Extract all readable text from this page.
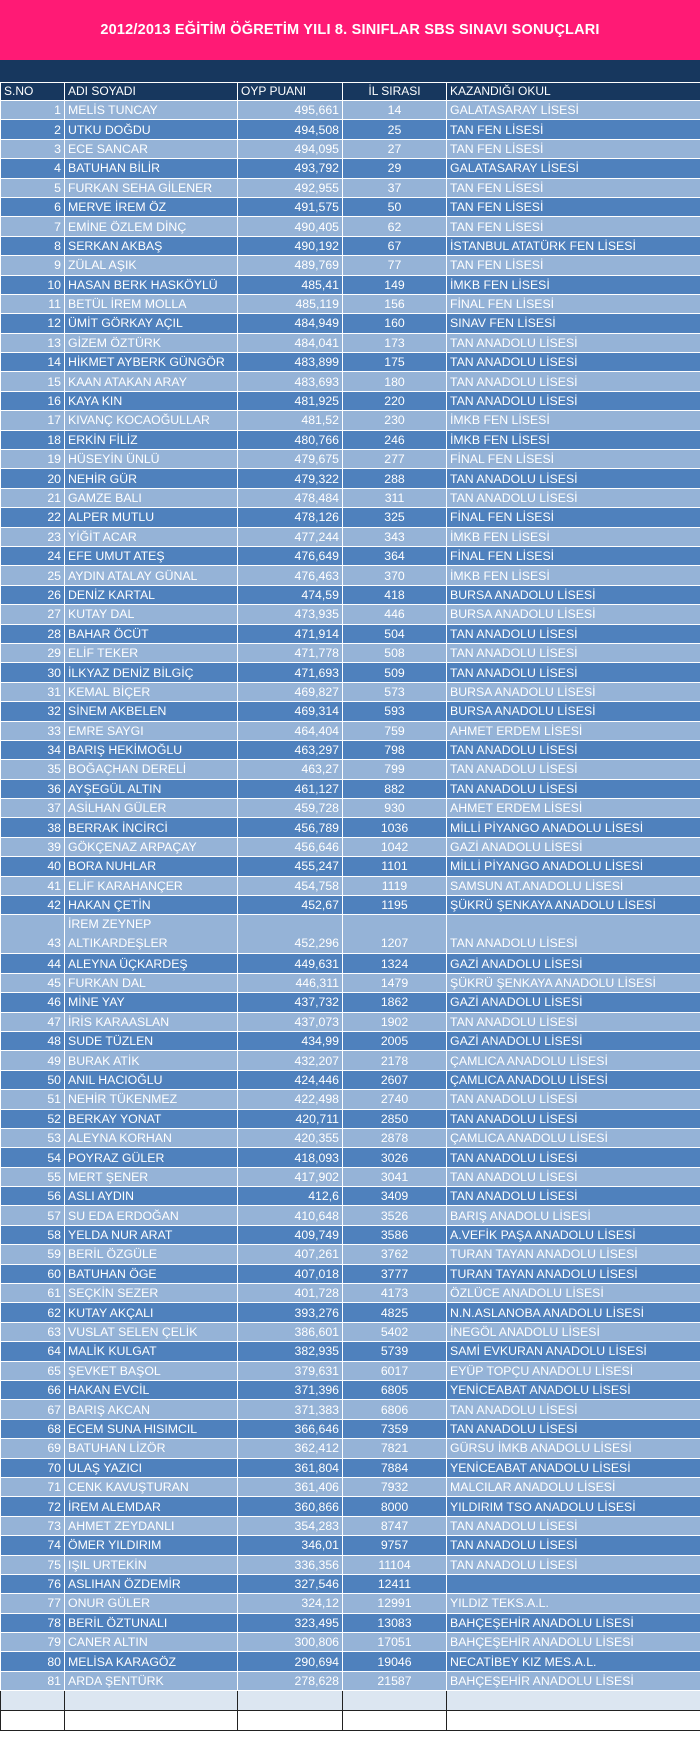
2012/2013 EĞİTİM ÖĞRETİM YILI 8. SINIFLAR SBS SINAVI SONUÇLARI
S.NO	ADI SOYADI	OYP PUANI	İL SIRASI	KAZANDIĞI OKUL
1	MELİS TUNCAY	495,661	14	GALATASARAY LİSESİ
2	UTKU DOĞDU	494,508	25	TAN FEN LİSESİ
3	ECE SANCAR	494,095	27	TAN FEN LİSESİ
4	BATUHAN BİLİR	493,792	29	GALATASARAY LİSESİ
5	FURKAN SEHA GİLENER	492,955	37	TAN FEN LİSESİ
6	MERVE İREM ÖZ	491,575	50	TAN FEN LİSESİ
7	EMİNE ÖZLEM DİNÇ	490,405	62	TAN FEN LİSESİ
8	SERKAN AKBAŞ	490,192	67	İSTANBUL ATATÜRK FEN LİSESİ
9	ZÜLAL AŞIK	489,769	77	TAN FEN LİSESİ
10	HASAN BERK HASKÖYLÜ	485,41	149	İMKB FEN LİSESİ
11	BETÜL İREM MOLLA	485,119	156	FİNAL FEN LİSESİ
12	ÜMİT GÖRKAY AÇIL	484,949	160	SINAV FEN LİSESİ
13	GİZEM ÖZTÜRK	484,041	173	TAN ANADOLU LİSESİ
14	HİKMET AYBERK GÜNGÖR	483,899	175	TAN ANADOLU LİSESİ
15	KAAN ATAKAN ARAY	483,693	180	TAN ANADOLU LİSESİ
16	KAYA KIN	481,925	220	TAN ANADOLU LİSESİ
17	KIVANÇ KOCAOĞULLAR	481,52	230	İMKB FEN LİSESİ
18	ERKİN FİLİZ	480,766	246	İMKB FEN LİSESİ
19	HÜSEYİN ÜNLÜ	479,675	277	FİNAL FEN LİSESİ
20	NEHİR GÜR	479,322	288	TAN ANADOLU LİSESİ
21	GAMZE BALI	478,484	311	TAN ANADOLU LİSESİ
22	ALPER MUTLU	478,126	325	FİNAL FEN LİSESİ
23	YİĞİT ACAR	477,244	343	İMKB FEN LİSESİ
24	EFE UMUT ATEŞ	476,649	364	FİNAL FEN LİSESİ
25	AYDIN ATALAY GÜNAL	476,463	370	İMKB FEN LİSESİ
26	DENİZ KARTAL	474,59	418	BURSA ANADOLU LİSESİ
27	KUTAY DAL	473,935	446	BURSA ANADOLU LİSESİ
28	BAHAR ÖCÜT	471,914	504	TAN ANADOLU LİSESİ
29	ELİF TEKER	471,778	508	TAN ANADOLU LİSESİ
30	İLKYAZ DENİZ BİLGİÇ	471,693	509	TAN ANADOLU LİSESİ
31	KEMAL BİÇER	469,827	573	BURSA ANADOLU LİSESİ
32	SİNEM AKBELEN	469,314	593	BURSA ANADOLU LİSESİ
33	EMRE SAYGI	464,404	759	AHMET ERDEM LİSESİ
34	BARIŞ HEKİMOĞLU	463,297	798	TAN ANADOLU LİSESİ
35	BOĞAÇHAN DERELİ	463,27	799	TAN ANADOLU LİSESİ
36	AYŞEGÜL ALTIN	461,127	882	TAN ANADOLU LİSESİ
37	ASİLHAN GÜLER	459,728	930	AHMET ERDEM LİSESİ
38	BERRAK İNCİRCİ	456,789	1036	MİLLİ PİYANGO ANADOLU LİSESİ
39	GÖKÇENAZ ARPAÇAY	456,646	1042	GAZİ ANADOLU LİSESİ
40	BORA NUHLAR	455,247	1101	MİLLİ PİYANGO ANADOLU LİSESİ
41	ELİF KARAHANÇER	454,758	1119	SAMSUN AT.ANADOLU LİSESİ
42	HAKAN ÇETİN	452,67	1195	ŞÜKRÜ ŞENKAYA ANADOLU LİSESİ
43	İREM ZEYNEP ALTIKARDEŞLER	452,296	1207	TAN ANADOLU LİSESİ
44	ALEYNA ÜÇKARDEŞ	449,631	1324	GAZİ ANADOLU LİSESİ
45	FURKAN DAL	446,311	1479	ŞÜKRÜ ŞENKAYA ANADOLU LİSESİ
46	MİNE YAY	437,732	1862	GAZİ ANADOLU LİSESİ
47	İRİS KARAASLAN	437,073	1902	TAN ANADOLU LİSESİ
48	SUDE TÜZLEN	434,99	2005	GAZİ ANADOLU LİSESİ
49	BURAK ATİK	432,207	2178	ÇAMLICA ANADOLU LİSESİ
50	ANIL HACIOĞLU	424,446	2607	ÇAMLICA ANADOLU LİSESİ
51	NEHİR TÜKENMEZ	422,498	2740	TAN ANADOLU LİSESİ
52	BERKAY YONAT	420,711	2850	TAN ANADOLU LİSESİ
53	ALEYNA KORHAN	420,355	2878	ÇAMLICA ANADOLU LİSESİ
54	POYRAZ GÜLER	418,093	3026	TAN ANADOLU LİSESİ
55	MERT ŞENER	417,902	3041	TAN ANADOLU LİSESİ
56	ASLI AYDIN	412,6	3409	TAN ANADOLU LİSESİ
57	SU EDA ERDOĞAN	410,648	3526	BARIŞ ANADOLU LİSESİ
58	YELDA NUR ARAT	409,749	3586	A.VEFİK PAŞA ANADOLU LİSESİ
59	BERİL ÖZGÜLE	407,261	3762	TURAN TAYAN ANADOLU LİSESİ
60	BATUHAN ÖGE	407,018	3777	TURAN TAYAN ANADOLU LİSESİ
61	SEÇKİN SEZER	401,728	4173	ÖZLÜCE ANADOLU LİSESİ
62	KUTAY AKÇALI	393,276	4825	N.N.ASLANOBA ANADOLU LİSESİ
63	VUSLAT SELEN ÇELİK	386,601	5402	İNEGÖL ANADOLU LİSESİ
64	MALİK KULGAT	382,935	5739	SAMİ EVKURAN ANADOLU LİSESİ
65	ŞEVKET BAŞOL	379,631	6017	EYÜP TOPÇU ANADOLU LİSESİ
66	HAKAN EVCİL	371,396	6805	YENİCEABAT ANADOLU LİSESİ
67	BARIŞ AKCAN	371,383	6806	TAN ANADOLU LİSESİ
68	ECEM SUNA HISIMCIL	366,646	7359	TAN ANADOLU LİSESİ
69	BATUHAN LİZÖR	362,412	7821	GÜRSU İMKB ANADOLU LİSESİ
70	ULAŞ YAZICI	361,804	7884	YENİCEABAT ANADOLU LİSESİ
71	CENK KAVUŞTURAN	361,406	7932	MALCILAR ANADOLU LİSESİ
72	İREM ALEMDAR	360,866	8000	YILDIRIM TSO ANADOLU LİSESİ
73	AHMET ZEYDANLI	354,283	8747	TAN ANADOLU LİSESİ
74	ÖMER YILDIRIM	346,01	9757	TAN ANADOLU LİSESİ
75	IŞIL URTEKİN	336,356	11104	TAN ANADOLU LİSESİ
76	ASLIHAN ÖZDEMİR	327,546	12411	
77	ONUR GÜLER	324,12	12991	YILDIZ TEKS.A.L.
78	BERİL ÖZTUNALI	323,495	13083	BAHÇEŞEHİR ANADOLU LİSESİ
79	CANER ALTIN	300,806	17051	BAHÇEŞEHİR ANADOLU LİSESİ
80	MELİSA KARAGÖZ	290,694	19046	NECATİBEY KIZ MES.A.L.
81	ARDA ŞENTÜRK	278,628	21587	BAHÇEŞEHİR ANADOLU LİSESİ
